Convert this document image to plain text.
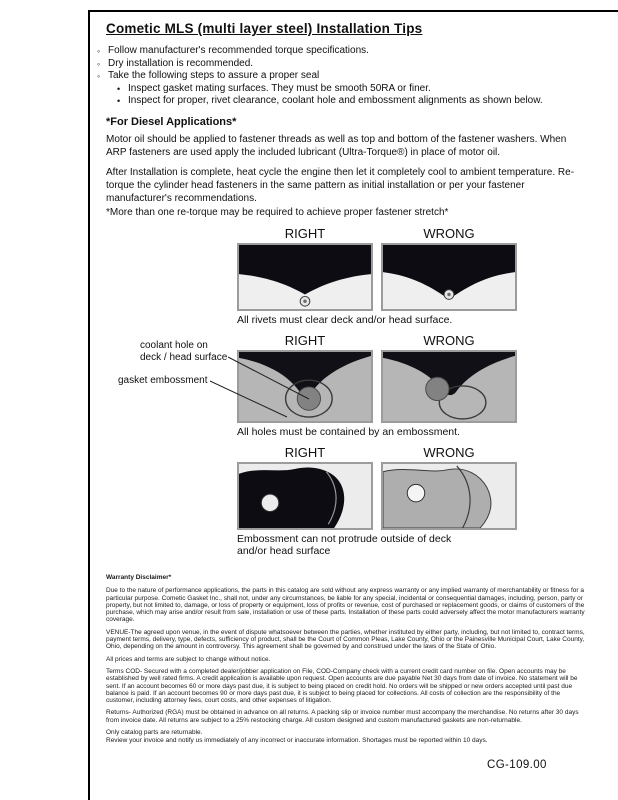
Cometic MLS (multi layer steel) Installation Tips
◦ Follow manufacturer's recommended torque specifications.
◦ Dry installation is recommended.
◦ Take the following steps to assure a proper seal
• Inspect gasket mating surfaces. They must be smooth 50RA or finer.
• Inspect for proper, rivet clearance, coolant hole and embossment alignments as shown below.
*For Diesel Applications*
Motor oil should be applied to fastener threads as well as top and bottom of the fastener washers. When ARP fasteners are used apply the included lubricant (Ultra-Torque®) in place of motor oil.
After Installation is complete, heat cycle the engine then let it completely cool to ambient temperature. Re-torque the cylinder head fasteners in the same pattern as initial installation or per your fastener manufacturer's recommendations.
*More than one re-torque may be required to achieve proper fastener stretch*
RIGHT	WRONG
All rivets must clear deck and/or head surface.
RIGHT	WRONG
All holes must be contained by an embossment.
RIGHT	WRONG
Embossment can not protrude outside of deck
and/or head surface
coolant hole on
deck / head surface
gasket embossment

Warranty Disclaimer*

Due to the nature of performance applications, the parts in this catalog are sold without any express warranty or any implied warranty of merchantability or fitness for a particular purpose. Cometic Gasket Inc., shall not, under any circumstances, be liable for any special, incidental or consequential damages, including, person, party or property, but not limited to, damage, or loss of property or equipment, loss of profits or revenue, cost of purchased or replacement goods, or claims of customers of the purchase, which may arise and/or result from sale, installation or use of these parts. Installation of these parts could adversely affect the motor manufacturers warranty coverage.

VENUE-The agreed upon venue, in the event of dispute whatsoever between the parties, whether instituted by either party, including, but not limited to, contract terms, payment terms, delivery, type, defects, sufficiency of product, shall be the Court of Common Pleas, Lake County, Ohio or the Painesville Municipal Court, Lake County, Ohio, depending on the amount in controversy. This agreement shall be governed by and construed under the laws of the State of Ohio.

All prices and terms are subject to change without notice.

Terms COD- Secured with a completed dealer/jobber application on File, COD-Company check with a current credit card number on file. Open accounts may be established by well rated firms. A credit application is available upon request. Open accounts are due payable Net 30 days from date of invoice. No statement will be sent. If an account becomes 60 or more days past due, it is subject to being placed on credit hold. No orders will be shipped or new orders accepted until past due balance is paid. If an account becomes 90 or more days past due, it is subject to being placed for collections. All costs of collection are the responsibility of the customer, including attorney fees, court costs, and other expenses of litigation.

Returns- Authorized (RGA) must be obtained in advance on all returns. A packing slip or invoice number must accompany the merchandise. No returns after 30 days from invoice date. All returns are subject to a 25% restocking charge. All custom designed and custom manufactured gaskets are non-returnable.

Only catalog parts are returnable.

Review your invoice and notify us immediately of any incorrect or inaccurate information. Shortages must be reported within 10 days.

CG-109.00
